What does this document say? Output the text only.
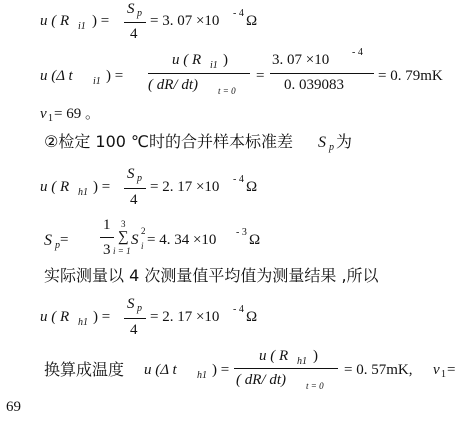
u ( R i1 ) =
S p
4
= 3. 07 ×10 - 4 Ω
u (Δ t i1 ) =
u ( R i1 )
( dR/ dt) t = 0
=
3. 07 ×10 - 4
0. 039083
= 0. 79mK
v 1 = 69 。
②检定 100 ℃时的合并样本标准差 S p 为
u ( R h1 ) =
S p
4
= 2. 17 ×10 - 4 Ω
S p =
1
3
3
∑
i = 1
S
2
i = 4. 34 ×10 - 3 Ω
实际测量以 4 次测量值平均值为测量结果 ,所以
u ( R h1 ) =
S p
4
= 2. 17 ×10 - 4 Ω
换算成温度 u (Δ t h1 ) =
u ( R h1 )
( dR/ dt) t = 0
= 0. 57mK, v 1 =
69
